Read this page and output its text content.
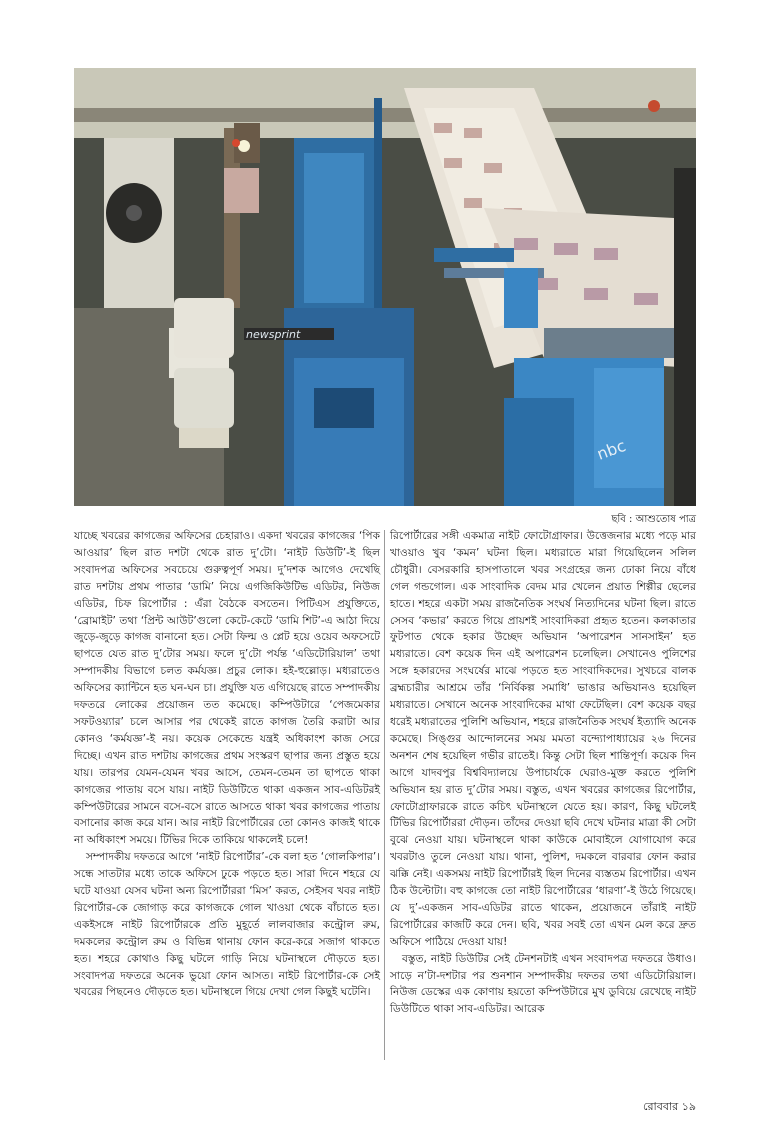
newsprint
nbc
ছবি : আশুতোষ পাত্র

যাচ্ছে খবরের কাগজের অফিসের চেহারাও। একদা খবরের কাগজের ‘পিক আওয়ার’ ছিল রাত দশটা থেকে রাত দু’টো। ‘নাইট ডিউটি’-ই ছিল সংবাদপত্র অফিসের সবচেয়ে গুরুত্বপূর্ণ সময়। দু’দশক আগেও দেখেছি রাত দশটায় প্রথম পাতার ‘ডামি’ নিয়ে এগজিকিউটিভ এডিটর, নিউজ এডিটর, চিফ রিপোর্টার : এঁরা বৈঠকে বসতেন। পিটিএস প্রযুক্তিতে, ‘ব্রোমাইট’ তথা ‘প্রিন্ট আউট’গুলো কেটে-কেটে ‘ডামি শিট’-এ আঠা দিয়ে জুড়ে-জুড়ে কাগজ বানানো হত। সেটা ফিল্ম ও প্লেট হয়ে ওয়েব অফসেটে ছাপতে যেত রাত দু’টোর সময়। ফলে দু’টো পর্যন্ত ‘এডিটোরিয়াল’ তথা সম্পাদকীয় বিভাগে চলত কর্মযজ্ঞ। প্রচুর লোক। হই-হুল্লোড়। মধ্যরাতেও অফিসের ক্যান্টিনে হত ঘন-ঘন চা। প্রযুক্তি যত এগিয়েছে রাতে সম্পাদকীয় দফতরে লোকের প্রয়োজন তত কমেছে। কম্পিউটারে ‘পেজমেকার সফটওয়্যার’ চলে আসার পর থেকেই রাতে কাগজ তৈরি করাটা আর কোনও ‘কর্মযজ্ঞ’-ই নয়। কয়েক সেকেন্ডে যন্ত্রই অধিকাংশ কাজ সেরে দিচ্ছে। এখন রাত দশটায় কাগজের প্রথম সংস্করণ ছাপার জন্য প্রস্তুত হয়ে যায়। তারপর যেমন-যেমন খবর আসে, তেমন-তেমন তা ছাপতে থাকা কাগজের পাতায় বসে যায়। নাইট ডিউটিতে থাকা একজন সাব-এডিটরই কম্পিউটারের সামনে বসে-বসে রাতে আসতে থাকা খবর কাগজের পাতায় বসানোর কাজ করে যান। আর নাইট রিপোর্টারের তো কোনও কাজই থাকে না অধিকাংশ সময়ে। টিভির দিকে তাকিয়ে থাকলেই চলে!

সম্পাদকীয় দফতরে আগে ‘নাইট রিপোর্টার’-কে বলা হত ‘গোলকিপার’। সন্ধে সাতটার মধ্যে তাকে অফিসে ঢুকে পড়তে হত। সারা দিনে শহরে যে ঘটে যাওয়া যেসব ঘটনা অন্য রিপোর্টাররা ‘মিস’ করত, সেইসব খবর নাইট রিপোর্টার-কে জোগাড় করে কাগজকে গোল খাওয়া থেকে বাঁচাতে হত। একইসঙ্গে নাইট রিপোর্টারকে প্রতি মুহূর্তে লালবাজার কন্ট্রোল রুম, দমকলের কন্ট্রোল রুম ও বিভিন্ন থানায় ফোন করে-করে সজাগ থাকতে হত। শহরে কোথাও কিছু ঘটলে গাড়ি নিয়ে ঘটনাস্থলে দৌড়তে হত। সংবাদপত্র দফতরে অনেক ভুয়ো ফোন আসত। নাইট রিপোর্টার-কে সেই খবরের পিছনেও দৌড়তে হত। ঘটনাস্থলে গিয়ে দেখা গেল কিছুই ঘটেনি।

রিপোর্টারের সঙ্গী একমাত্র নাইট ফোটোগ্রাফার। উত্তেজনার মধ্যে পড়ে মার খাওয়াও খুব ‘কমন’ ঘটনা ছিল। মধ্যরাতে মারা গিয়েছিলেন সলিল চৌধুরী। বেসরকারি হাসপাতালে খবর সংগ্রহের জন্য ঢোকা নিয়ে বাঁধে গেল গন্ডগোল। এক সাংবাদিক বেদম মার খেলেন প্রয়াত শিল্পীর ছেলের হাতে। শহরে একটা সময় রাজনৈতিক সংঘর্ষ নিত্যদিনের ঘটনা ছিল। রাতে সেসব ‘কভার’ করতে গিয়ে প্রায়শই সাংবাদিকরা প্রহৃত হতেন। কলকাতার ফুটপাত থেকে হকার উচ্ছেদ অভিযান ‘অপারেশন সানসাইন’ হত মধ্যরাতে। বেশ কয়েক দিন এই অপারেশন চলেছিল। সেখানেও পুলিশের সঙ্গে হকারদের সংঘর্ষের মাঝে পড়তে হত সাংবাদিকদের। সুখচরে বালক ব্রহ্মচারীর আশ্রমে তাঁর ‘নির্বিকল্প সমাধি’ ভাঙার অভিযানও হয়েছিল মধ্যরাতে। সেখানে অনেক সাংবাদিকের মাথা ফেটেছিল। বেশ কয়েক বছর ধরেই মধ্যরাতের পুলিশি অভিযান, শহরে রাজনৈতিক সংঘর্ষ ইত্যাদি অনেক কমেছে। সিঙ্গুর আন্দোলনের সময় মমতা বন্দ্যোপাধ্যায়ের ২৬ দিনের অনশন শেষ হয়েছিল গভীর রাতেই। কিন্তু সেটা ছিল শান্তিপূর্ণ। কয়েক দিন আগে যাদবপুর বিশ্ববিদ্যালয়ে উপাচার্যকে ঘেরাও-মুক্ত করতে পুলিশি অভিযান হয় রাত দু’টোর সময়। বস্তুত, এখন খবরের কাগজের রিপোর্টার, ফোটোগ্রাফারকে রাতে কচিৎ ঘটনাস্থলে যেতে হয়। কারণ, কিছু ঘটলেই টিভির রিপোর্টাররা দৌড়ন। তাঁদের দেওয়া ছবি দেখে ঘটনার মাত্রা কী সেটা বুঝে নেওয়া যায়। ঘটনাস্থলে থাকা কাউকে মোবাইলে যোগাযোগ করে খবরটাও তুলে নেওয়া যায়। থানা, পুলিশ, দমকলে বারবার ফোন করার ঝক্কি নেই। একসময় নাইট রিপোর্টারই ছিল দিনের ব্যস্ততম রিপোর্টার। এখন ঠিক উল্টোটা। বহু কাগজে তো নাইট রিপোর্টারের ‘ধারণা’-ই উঠে গিয়েছে। যে দু’-একজন সাব-এডিটর রাতে থাকেন, প্রয়োজনে তাঁরাই নাইট রিপোর্টারের কাজটি করে দেন। ছবি, খবর সবই তো এখন মেল করে দ্রুত অফিসে পাঠিয়ে দেওয়া যায়!

বস্তুত, নাইট ডিউটির সেই টেনশনটাই এখন সংবাদপত্র দফতরে উধাও। সাড়ে ন’টা-দশটার পর শুনশান সম্পাদকীয় দফতর তথা এডিটোরিয়াল। নিউজ ডেস্কের এক কোণায় হয়তো কম্পিউটারে মুখ ডুবিয়ে রেখেছে নাইট ডিউটিতে থাকা সাব-এডিটর। আরেক

রোববার ১৯
